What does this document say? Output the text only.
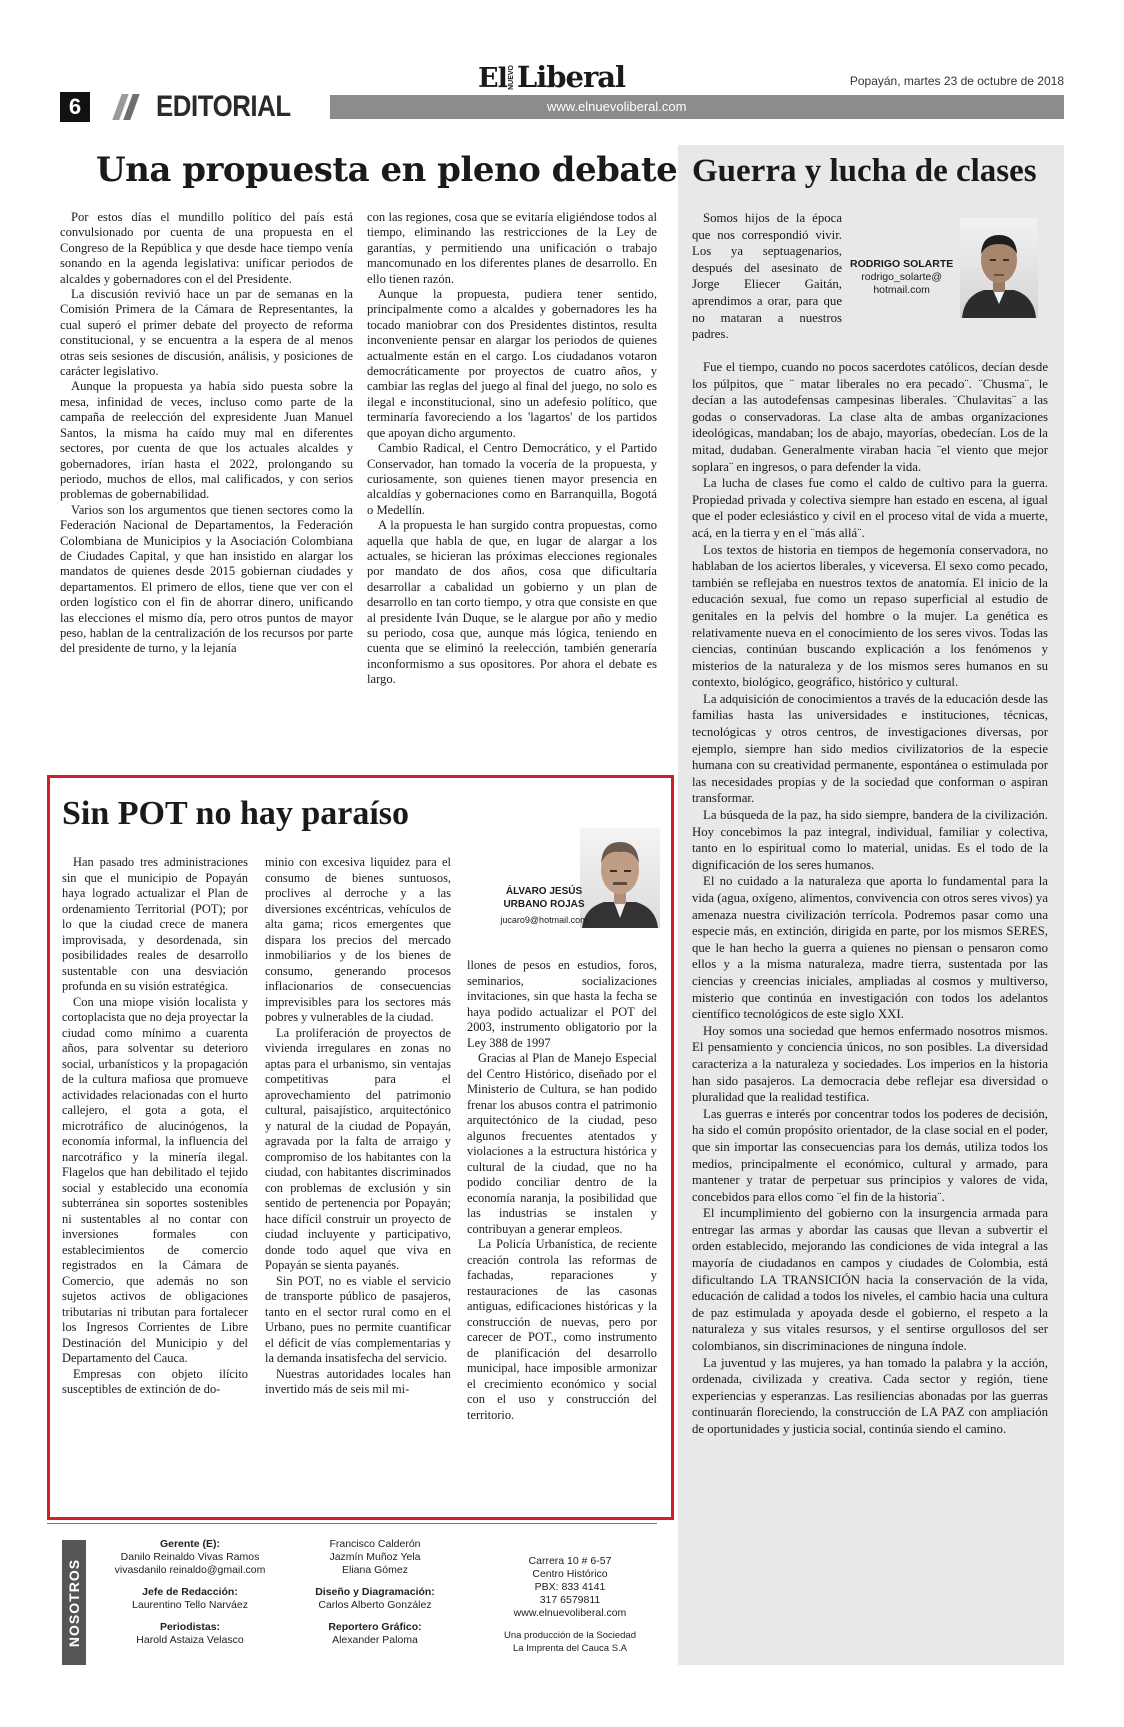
El NUEVO Liberal	Popayán, martes 23 de octubre de 2018
www.elnuevoliberal.com
6 EDITORIAL
Una propuesta en pleno debate

Por estos días el mundillo político del país está convulsionado por cuenta de una propuesta en el Congreso de la República y que desde hace tiempo venía sonando en la agenda legislativa: unificar periodos de alcaldes y gobernadores con el del Presidente.

La discusión revivió hace un par de semanas en la Comisión Primera de la Cámara de Representantes, la cual superó el primer debate del proyecto de reforma constitucional, y se encuentra a la espera de al menos otras seis sesiones de discusión, análisis, y posiciones de carácter legislativo.

Aunque la propuesta ya había sido puesta sobre la mesa, infinidad de veces, incluso como parte de la campaña de reelección del expresidente Juan Manuel Santos, la misma ha caído muy mal en diferentes sectores, por cuenta de que los actuales alcaldes y gobernadores, irían hasta el 2022, prolongando su periodo, muchos de ellos, mal calificados, y con serios problemas de gobernabilidad.

Varios son los argumentos que tienen sectores como la Federación Nacional de Departamentos, la Federación Colombiana de Municipios y la Asociación Colombiana de Ciudades Capital, y que han insistido en alargar los mandatos de quienes desde 2015 gobiernan ciudades y departamentos. El primero de ellos, tiene que ver con el orden logístico con el fin de ahorrar dinero, unificando las elecciones el mismo día, pero otros puntos de mayor peso, hablan de la centralización de los recursos por parte del presidente de turno, y la lejanía

con las regiones, cosa que se evitaría eligiéndose todos al tiempo, eliminando las restricciones de la Ley de garantías, y permitiendo una unificación o trabajo mancomunado en los diferentes planes de desarrollo. En ello tienen razón.

Aunque la propuesta, pudiera tener sentido, principalmente como a alcaldes y gobernadores les ha tocado maniobrar con dos Presidentes distintos, resulta inconveniente pensar en alargar los periodos de quienes actualmente están en el cargo. Los ciudadanos votaron democráticamente por proyectos de cuatro años, y cambiar las reglas del juego al final del juego, no solo es ilegal e inconstitucional, sino un adefesio político, que terminaría favoreciendo a los 'lagartos' de los partidos que apoyan dicho argumento.

Cambio Radical, el Centro Democrático, y el Partido Conservador, han tomado la vocería de la propuesta, y curiosamente, son quienes tienen mayor presencia en alcaldías y gobernaciones como en Barranquilla, Bogotá o Medellín.

A la propuesta le han surgido contra propuestas, como aquella que habla de que, en lugar de alargar a los actuales, se hicieran las próximas elecciones regionales por mandato de dos años, cosa que dificultaría desarrollar a cabalidad un gobierno y un plan de desarrollo en tan corto tiempo, y otra que consiste en que al presidente Iván Duque, se le alargue por año y medio su periodo, cosa que, aunque más lógica, teniendo en cuenta que se eliminó la reelección, también generaría inconformismo a sus opositores. Por ahora el debate es largo.

Guerra y lucha de clases

Somos hijos de la época que nos correspondió vivir. Los ya septuagenarios, después del asesinato de Jorge Eliecer Gaitán, aprendimos a orar, para que no mataran a nuestros padres.

RODRIGO SOLARTE
rodrigo_solarte@
hotmail.com

Fue el tiempo, cuando no pocos sacerdotes católicos, decían desde los púlpitos, que ¨ matar liberales no era pecado¨. ¨Chusma¨, le decían a las autodefensas campesinas liberales. ¨Chulavitas¨ a las godas o conservadoras. La clase alta de ambas organizaciones ideológicas, mandaban; los de abajo, mayorías, obedecían. Los de la mitad, dudaban. Generalmente viraban hacia ¨el viento que mejor soplara¨ en ingresos, o para defender la vida.

La lucha de clases fue como el caldo de cultivo para la guerra. Propiedad privada y colectiva siempre han estado en escena, al igual que el poder eclesiástico y civil en el proceso vital de vida a muerte, acá, en la tierra y en el ¨más allá¨.

Los textos de historia en tiempos de hegemonía conservadora, no hablaban de los aciertos liberales, y viceversa. El sexo como pecado, también se reflejaba en nuestros textos de anatomía. El inicio de la educación sexual, fue como un repaso superficial al estudio de genitales en la pelvis del hombre o la mujer. La genética es relativamente nueva en el conocimiento de los seres vivos. Todas las ciencias, continúan buscando explicación a los fenómenos y misterios de la naturaleza y de los mismos seres humanos en su contexto, biológico, geográfico, histórico y cultural.

La adquisición de conocimientos a través de la educación desde las familias hasta las universidades e instituciones, técnicas, tecnológicas y otros centros, de investigaciones diversas, por ejemplo, siempre han sido medios civilizatorios de la especie humana con su creatividad permanente, espontánea o estimulada por las necesidades propias y de la sociedad que conforman o aspiran transformar.

La búsqueda de la paz, ha sido siempre, bandera de la civilización. Hoy concebimos la paz integral, individual, familiar y colectiva, tanto en lo espiritual como lo material, unidas. Es el todo de la dignificación de los seres humanos.

El no cuidado a la naturaleza que aporta lo fundamental para la vida (agua, oxígeno, alimentos, convivencia con otros seres vivos) ya amenaza nuestra civilización terrícola. Podremos pasar como una especie más, en extinción, dirigida en parte, por los mismos SERES, que le han hecho la guerra a quienes no piensan o pensaron como ellos y a la misma naturaleza, madre tierra, sustentada por las ciencias y creencias iniciales, ampliadas al cosmos y multiverso, misterio que continúa en investigación con todos los adelantos científico tecnológicos de este siglo XXI.

Hoy somos una sociedad que hemos enfermado nosotros mismos. El pensamiento y conciencia únicos, no son posibles. La diversidad caracteriza a la naturaleza y sociedades. Los imperios en la historia han sido pasajeros. La democracia debe reflejar esa diversidad o pluralidad que la realidad testifica.

Las guerras e interés por concentrar todos los poderes de decisión, ha sido el común propósito orientador, de la clase social en el poder, que sin importar las consecuencias para los demás, utiliza todos los medios, principalmente el económico, cultural y armado, para mantener y tratar de perpetuar sus principios y valores de vida, concebidos para ellos como ¨el fin de la historia¨.

El incumplimiento del gobierno con la insurgencia armada para entregar las armas y abordar las causas que llevan a subvertir el orden establecido, mejorando las condiciones de vida integral a las mayoría de ciudadanos en campos y ciudades de Colombia, está dificultando LA TRANSICIÓN hacia la conservación de la vida, educación de calidad a todos los niveles, el cambio hacia una cultura de paz estimulada y apoyada desde el gobierno, el respeto a la naturaleza y sus vitales resursos, y el sentirse orgullosos del ser colombianos, sin discriminaciones de ninguna índole.

La juventud y las mujeres, ya han tomado la palabra y la acción, ordenada, civilizada y creativa. Cada sector y región, tiene experiencias y esperanzas. Las resiliencias abonadas por las guerras continuarán floreciendo, la construcción de LA PAZ con ampliación de oportunidades y justicia social, continúa siendo el camino.

Sin POT no hay paraíso
ÁLVARO JESÚS
URBANO ROJAS
jucaro9@hotmail.com

Han pasado tres administraciones sin que el municipio de Popayán haya logrado actualizar el Plan de ordenamiento Territorial (POT); por lo que la ciudad crece de manera improvisada, y desordenada, sin posibilidades reales de desarrollo sustentable con una desviación profunda en su visión estratégica.

Con una miope visión localista y cortoplacista que no deja proyectar la ciudad como mínimo a cuarenta años, para solventar su deterioro social, urbanísticos y la propagación de la cultura mafiosa que promueve actividades relacionadas con el hurto callejero, el gota a gota, el microtráfico de alucinógenos, la economía informal, la influencia del narcotráfico y la minería ilegal. Flagelos que han debilitado el tejido social y establecido una economía subterránea sin soportes sostenibles ni sustentables al no contar con inversiones formales con establecimientos de comercio registrados en la Cámara de Comercio, que además no son sujetos activos de obligaciones tributarias ni tributan para fortalecer los Ingresos Corrientes de Libre Destinación del Municipio y del Departamento del Cauca.

Empresas con objeto ilícito susceptibles de extinción de do-

minio con excesiva liquidez para el consumo de bienes suntuosos, proclives al derroche y a las diversiones excéntricas, vehículos de alta gama; ricos emergentes que dispara los precios del mercado inmobiliarios y de los bienes de consumo, generando procesos inflacionarios de consecuencias imprevisibles para los sectores más pobres y vulnerables de la ciudad.

La proliferación de proyectos de vivienda irregulares en zonas no aptas para el urbanismo, sin ventajas competitivas para el aprovechamiento del patrimonio cultural, paisajístico, arquitectónico y natural de la ciudad de Popayán, agravada por la falta de arraigo y compromiso de los habitantes con la ciudad, con habitantes discriminados con problemas de exclusión y sin sentido de pertenencia por Popayán; hace difícil construir un proyecto de ciudad incluyente y participativo, donde todo aquel que viva en Popayán se sienta payanés.

Sin POT, no es viable el servicio de transporte público de pasajeros, tanto en el sector rural como en el Urbano, pues no permite cuantificar el déficit de vías complementarias y la demanda insatisfecha del servicio.

Nuestras autoridades locales han invertido más de seis mil mi-

llones de pesos en estudios, foros, seminarios, socializaciones invitaciones, sin que hasta la fecha se haya podido actualizar el POT del 2003, instrumento obligatorio por la Ley 388 de 1997

Gracias al Plan de Manejo Especial del Centro Histórico, diseñado por el Ministerio de Cultura, se han podido frenar los abusos contra el patrimonio arquitectónico de la ciudad, peso algunos frecuentes atentados y violaciones a la estructura histórica y cultural de la ciudad, que no ha podido conciliar dentro de la economía naranja, la posibilidad que las industrias se instalen y contribuyan a generar empleos.

La Policía Urbanística, de reciente creación controla las reformas de fachadas, reparaciones y restauraciones de las casonas antiguas, edificaciones históricas y la construcción de nuevas, pero por carecer de POT., como instrumento de planificación del desarrollo municipal, hace imposible armonizar el crecimiento económico y social con el uso y construcción del territorio.

NOSOTROS
Gerente (E):
Danilo Reinaldo Vivas Ramos
vivasdanilo reinaldo@gmail.com
Jefe de Redacción:
Laurentino Tello Narváez
Periodistas:
Harold Astaiza Velasco
Francisco Calderón
Jazmín Muñoz Yela
Eliana Gómez
Diseño y Diagramación:
Carlos Alberto González
Reportero Gráfico:
Alexander Paloma
Carrera 10 # 6-57
Centro Histórico
PBX: 833 4141
317 6579811
www.elnuevoliberal.com
Una producción de la Sociedad
La Imprenta del Cauca S.A
